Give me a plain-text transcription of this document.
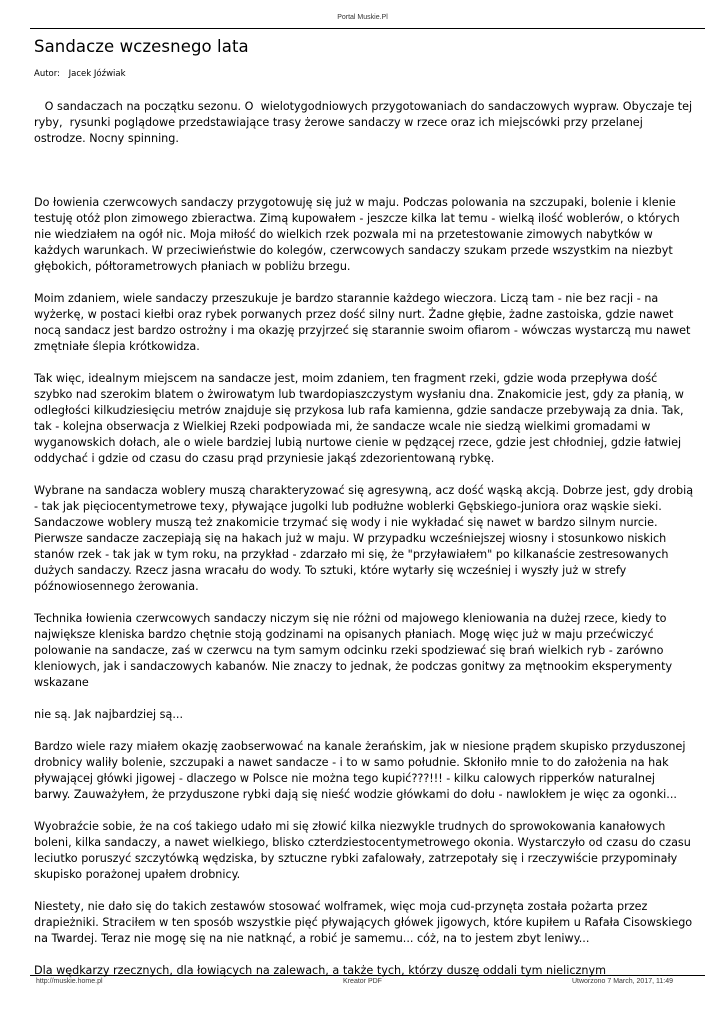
Portal Muskie.Pl
Sandacze wczesnego lata
Autor: Jacek Jóźwiak

O sandaczach na początku sezonu. O  wielotygodniowych przygotowaniach do sandaczowych wypraw. Obyczaje tej ryby,  rysunki poglądowe przedstawiające trasy żerowe sandaczy w rzece oraz ich miejscówki przy przelanej ostrodze. Nocny spinning.

Do łowienia czerwcowych sandaczy przygotowuję się już w maju. Podczas polowania na szczupaki, bolenie i klenie testuję otóż plon zimowego zbieractwa. Zimą kupowałem - jeszcze kilka lat temu - wielką ilość woblerów, o których nie wiedziałem na ogół nic. Moja miłość do wielkich rzek pozwala mi na przetestowanie zimowych nabytków w każdych warunkach. W przeciwieństwie do kolegów, czerwcowych sandaczy szukam przede wszystkim na niezbyt głębokich, półtorametrowych płaniach w pobliżu brzegu.

Moim zdaniem, wiele sandaczy przeszukuje je bardzo starannie każdego wieczora. Liczą tam - nie bez racji - na wyżerkę, w postaci kiełbi oraz rybek porwanych przez dość silny nurt. Żadne głębie, żadne zastoiska, gdzie nawet nocą sandacz jest bardzo ostrożny i ma okazję przyjrzeć się starannie swoim ofiarom - wówczas wystarczą mu nawet zmętniałe ślepia krótkowidza.

Tak więc, idealnym miejscem na sandacze jest, moim zdaniem, ten fragment rzeki, gdzie woda przepływa dość szybko nad szerokim blatem o żwirowatym lub twardopiaszczystym wysłaniu dna. Znakomicie jest, gdy za płanią, w odległości kilkudziesięciu metrów znajduje się przykosa lub rafa kamienna, gdzie sandacze przebywają za dnia. Tak, tak - kolejna obserwacja z Wielkiej Rzeki podpowiada mi, że sandacze wcale nie siedzą wielkimi gromadami w wyganowskich dołach, ale o wiele bardziej lubią nurtowe cienie w pędzącej rzece, gdzie jest chłodniej, gdzie łatwiej oddychać i gdzie od czasu do czasu prąd przyniesie jakąś zdezorientowaną rybkę.

Wybrane na sandacza woblery muszą charakteryzować się agresywną, acz dość wąską akcją. Dobrze jest, gdy drobią - tak jak pięciocentymetrowe texy, pływające jugolki lub podłużne woblerki Gębskiego-juniora oraz wąskie sieki. Sandaczowe woblery muszą też znakomicie trzymać się wody i nie wykładać się nawet w bardzo silnym nurcie. Pierwsze sandacze zaczepiają się na hakach już w maju. W przypadku wcześniejszej wiosny i stosunkowo niskich stanów rzek - tak jak w tym roku, na przykład - zdarzało mi się, że "przyławiałem" po kilkanaście zestresowanych dużych sandaczy. Rzecz jasna wracału do wody. To sztuki, które wytarły się wcześniej i wyszły już w strefy późnowiosennego żerowania.

Technika łowienia czerwcowych sandaczy niczym się nie różni od majowego kleniowania na dużej rzece, kiedy to największe kleniska bardzo chętnie stoją godzinami na opisanych płaniach. Mogę więc już w maju przećwiczyć polowanie na sandacze, zaś w czerwcu na tym samym odcinku rzeki spodziewać się brań wielkich ryb - zarówno kleniowych, jak i sandaczowych kabanów. Nie znaczy to jednak, że podczas gonitwy za mętnookim eksperymenty wskazane

nie są. Jak najbardziej są...

Bardzo wiele razy miałem okazję zaobserwować na kanale żerańskim, jak w niesione prądem skupisko przyduszonej drobnicy waliły bolenie, szczupaki a nawet sandacze - i to w samo południe. Skłoniło mnie to do założenia na hak pływającej główki jigowej - dlaczego w Polsce nie można tego kupić???!!! - kilku calowych ripperków naturalnej barwy. Zauważyłem, że przyduszone rybki dają się nieść wodzie główkami do dołu - nawlokłem je więc za ogonki...

Wyobraźcie sobie, że na coś takiego udało mi się złowić kilka niezwykle trudnych do sprowokowania kanałowych boleni, kilka sandaczy, a nawet wielkiego, blisko czterdziestocentymetrowego okonia. Wystarczyło od czasu do czasu leciutko poruszyć szczytówką wędziska, by sztuczne rybki zafalowały, zatrzepotały się i rzeczywiście przypominały skupisko porażonej upałem drobnicy.

Niestety, nie dało się do takich zestawów stosować wolframek, więc moja cud-przynęta została pożarta przez drapieżniki. Straciłem w ten sposób wszystkie pięć pływających główek jigowych, które kupiłem u Rafała Cisowskiego na Twardej. Teraz nie mogę się na nie natknąć, a robić je samemu... cóż, na to jestem zbyt leniwy...

Dla wędkarzy rzecznych, dla łowiących na zalewach, a także tych, którzy duszę oddali tym nielicznym

http://muskie.home.pl	Kreator PDF	Utworzono 7 March, 2017, 11:49
